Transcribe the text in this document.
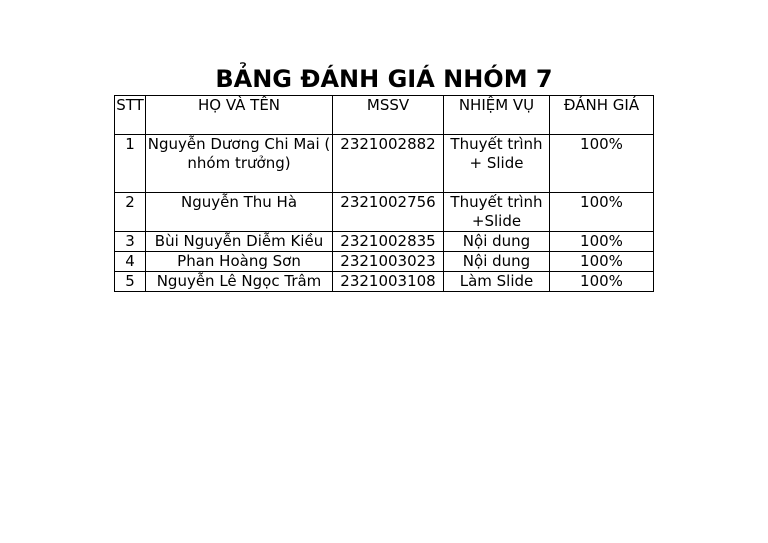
BẢNG ĐÁNH GIÁ NHÓM 7
STT	HỌ VÀ TÊN	MSSV	NHIỆM VỤ	ĐÁNH GIÁ
1	Nguyễn Dương Chi Mai ( nhóm trưởng)	2321002882	Thuyết trình + Slide	100%
2	Nguyễn Thu Hà	2321002756	Thuyết trình +Slide	100%
3	Bùi Nguyễn Diễm Kiều	2321002835	Nội dung	100%
4	Phan Hoàng Sơn	2321003023	Nội dung	100%
5	Nguyễn Lê Ngọc Trâm	2321003108	Làm Slide	100%
